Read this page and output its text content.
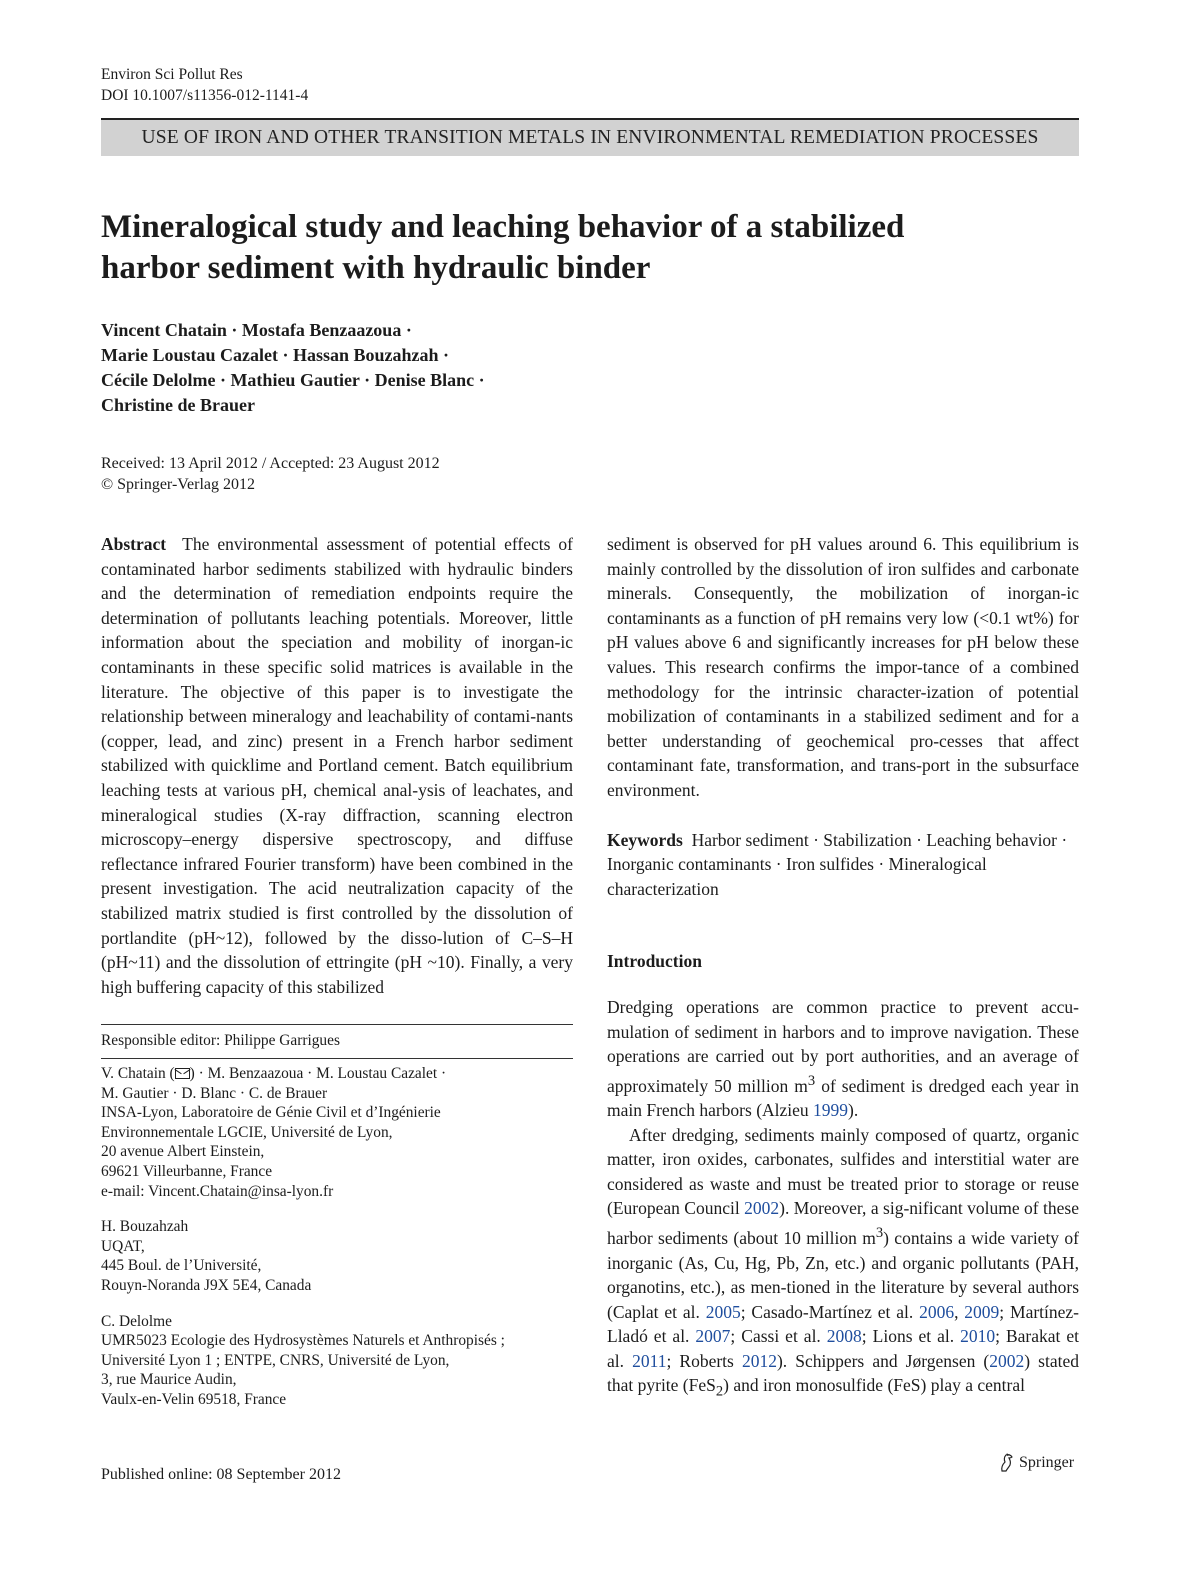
Environ Sci Pollut Res
DOI 10.1007/s11356-012-1141-4
USE OF IRON AND OTHER TRANSITION METALS IN ENVIRONMENTAL REMEDIATION PROCESSES
Mineralogical study and leaching behavior of a stabilized
harbor sediment with hydraulic binder
Vincent Chatain · Mostafa Benzaazoua ·
Marie Loustau Cazalet · Hassan Bouzahzah ·
Cécile Delolme · Mathieu Gautier · Denise Blanc ·
Christine de Brauer
Received: 13 April 2012 / Accepted: 23 August 2012
© Springer-Verlag 2012

Abstract The environmental assessment of potential effects of contaminated harbor sediments stabilized with hydraulic binders and the determination of remediation endpoints require the determination of pollutants leaching potentials. Moreover, little information about the speciation and mobility of inorgan-ic contaminants in these specific solid matrices is available in the literature. The objective of this paper is to investigate the relationship between mineralogy and leachability of contami-nants (copper, lead, and zinc) present in a French harbor sediment stabilized with quicklime and Portland cement. Batch equilibrium leaching tests at various pH, chemical anal-ysis of leachates, and mineralogical studies (X-ray diffraction, scanning electron microscopy–energy dispersive spectroscopy, and diffuse reflectance infrared Fourier transform) have been combined in the present investigation. The acid neutralization capacity of the stabilized matrix studied is first controlled by the dissolution of portlandite (pH~12), followed by the disso-lution of C–S–H (pH~11) and the dissolution of ettringite (pH ~10). Finally, a very high buffering capacity of this stabilized

Responsible editor: Philippe Garrigues

V. Chatain ( ) · M. Benzaazoua · M. Loustau Cazalet ·
M. Gautier · D. Blanc · C. de Brauer
INSA-Lyon, Laboratoire de Génie Civil et d’Ingénierie
Environnementale LGCIE, Université de Lyon,
20 avenue Albert Einstein,
69621 Villeurbanne, France
e-mail: Vincent.Chatain@insa-lyon.fr

H. Bouzahzah
UQAT,
445 Boul. de l’Université,
Rouyn-Noranda J9X 5E4, Canada

C. Delolme
UMR5023 Ecologie des Hydrosystèmes Naturels et Anthropisés ;
Université Lyon 1 ; ENTPE, CNRS, Université de Lyon,
3, rue Maurice Audin,
Vaulx-en-Velin 69518, France

sediment is observed for pH values around 6. This equilibrium is mainly controlled by the dissolution of iron sulfides and carbonate minerals. Consequently, the mobilization of inorgan-ic contaminants as a function of pH remains very low (<0.1 wt%) for pH values above 6 and significantly increases for pH below these values. This research confirms the impor-tance of a combined methodology for the intrinsic character-ization of potential mobilization of contaminants in a stabilized sediment and for a better understanding of geochemical pro-cesses that affect contaminant fate, transformation, and trans-port in the subsurface environment.

Keywords Harbor sediment · Stabilization · Leaching behavior · Inorganic contaminants · Iron sulfides · Mineralogical characterization

Introduction

Dredging operations are common practice to prevent accu-mulation of sediment in harbors and to improve navigation. These operations are carried out by port authorities, and an average of approximately 50 million $m^3$ of sediment is dredged each year in main French harbors (Alzieu 1999).

After dredging, sediments mainly composed of quartz, organic matter, iron oxides, carbonates, sulfides and interstitial water are considered as waste and must be treated prior to storage or reuse (European Council 2002). Moreover, a sig-nificant volume of these harbor sediments (about 10 million $m^3$) contains a wide variety of inorganic (As, Cu, Hg, Pb, Zn, etc.) and organic pollutants (PAH, organotins, etc.), as men-tioned in the literature by several authors (Caplat et al. 2005; Casado-Martínez et al. 2006, 2009; Martínez-Lladó et al. 2007; Cassi et al. 2008; Lions et al. 2010; Barakat et al. 2011; Roberts 2012). Schippers and Jørgensen (2002) stated that pyrite (FeS$_2$) and iron monosulfide (FeS) play a central

Published online: 08 September 2012
Springer
